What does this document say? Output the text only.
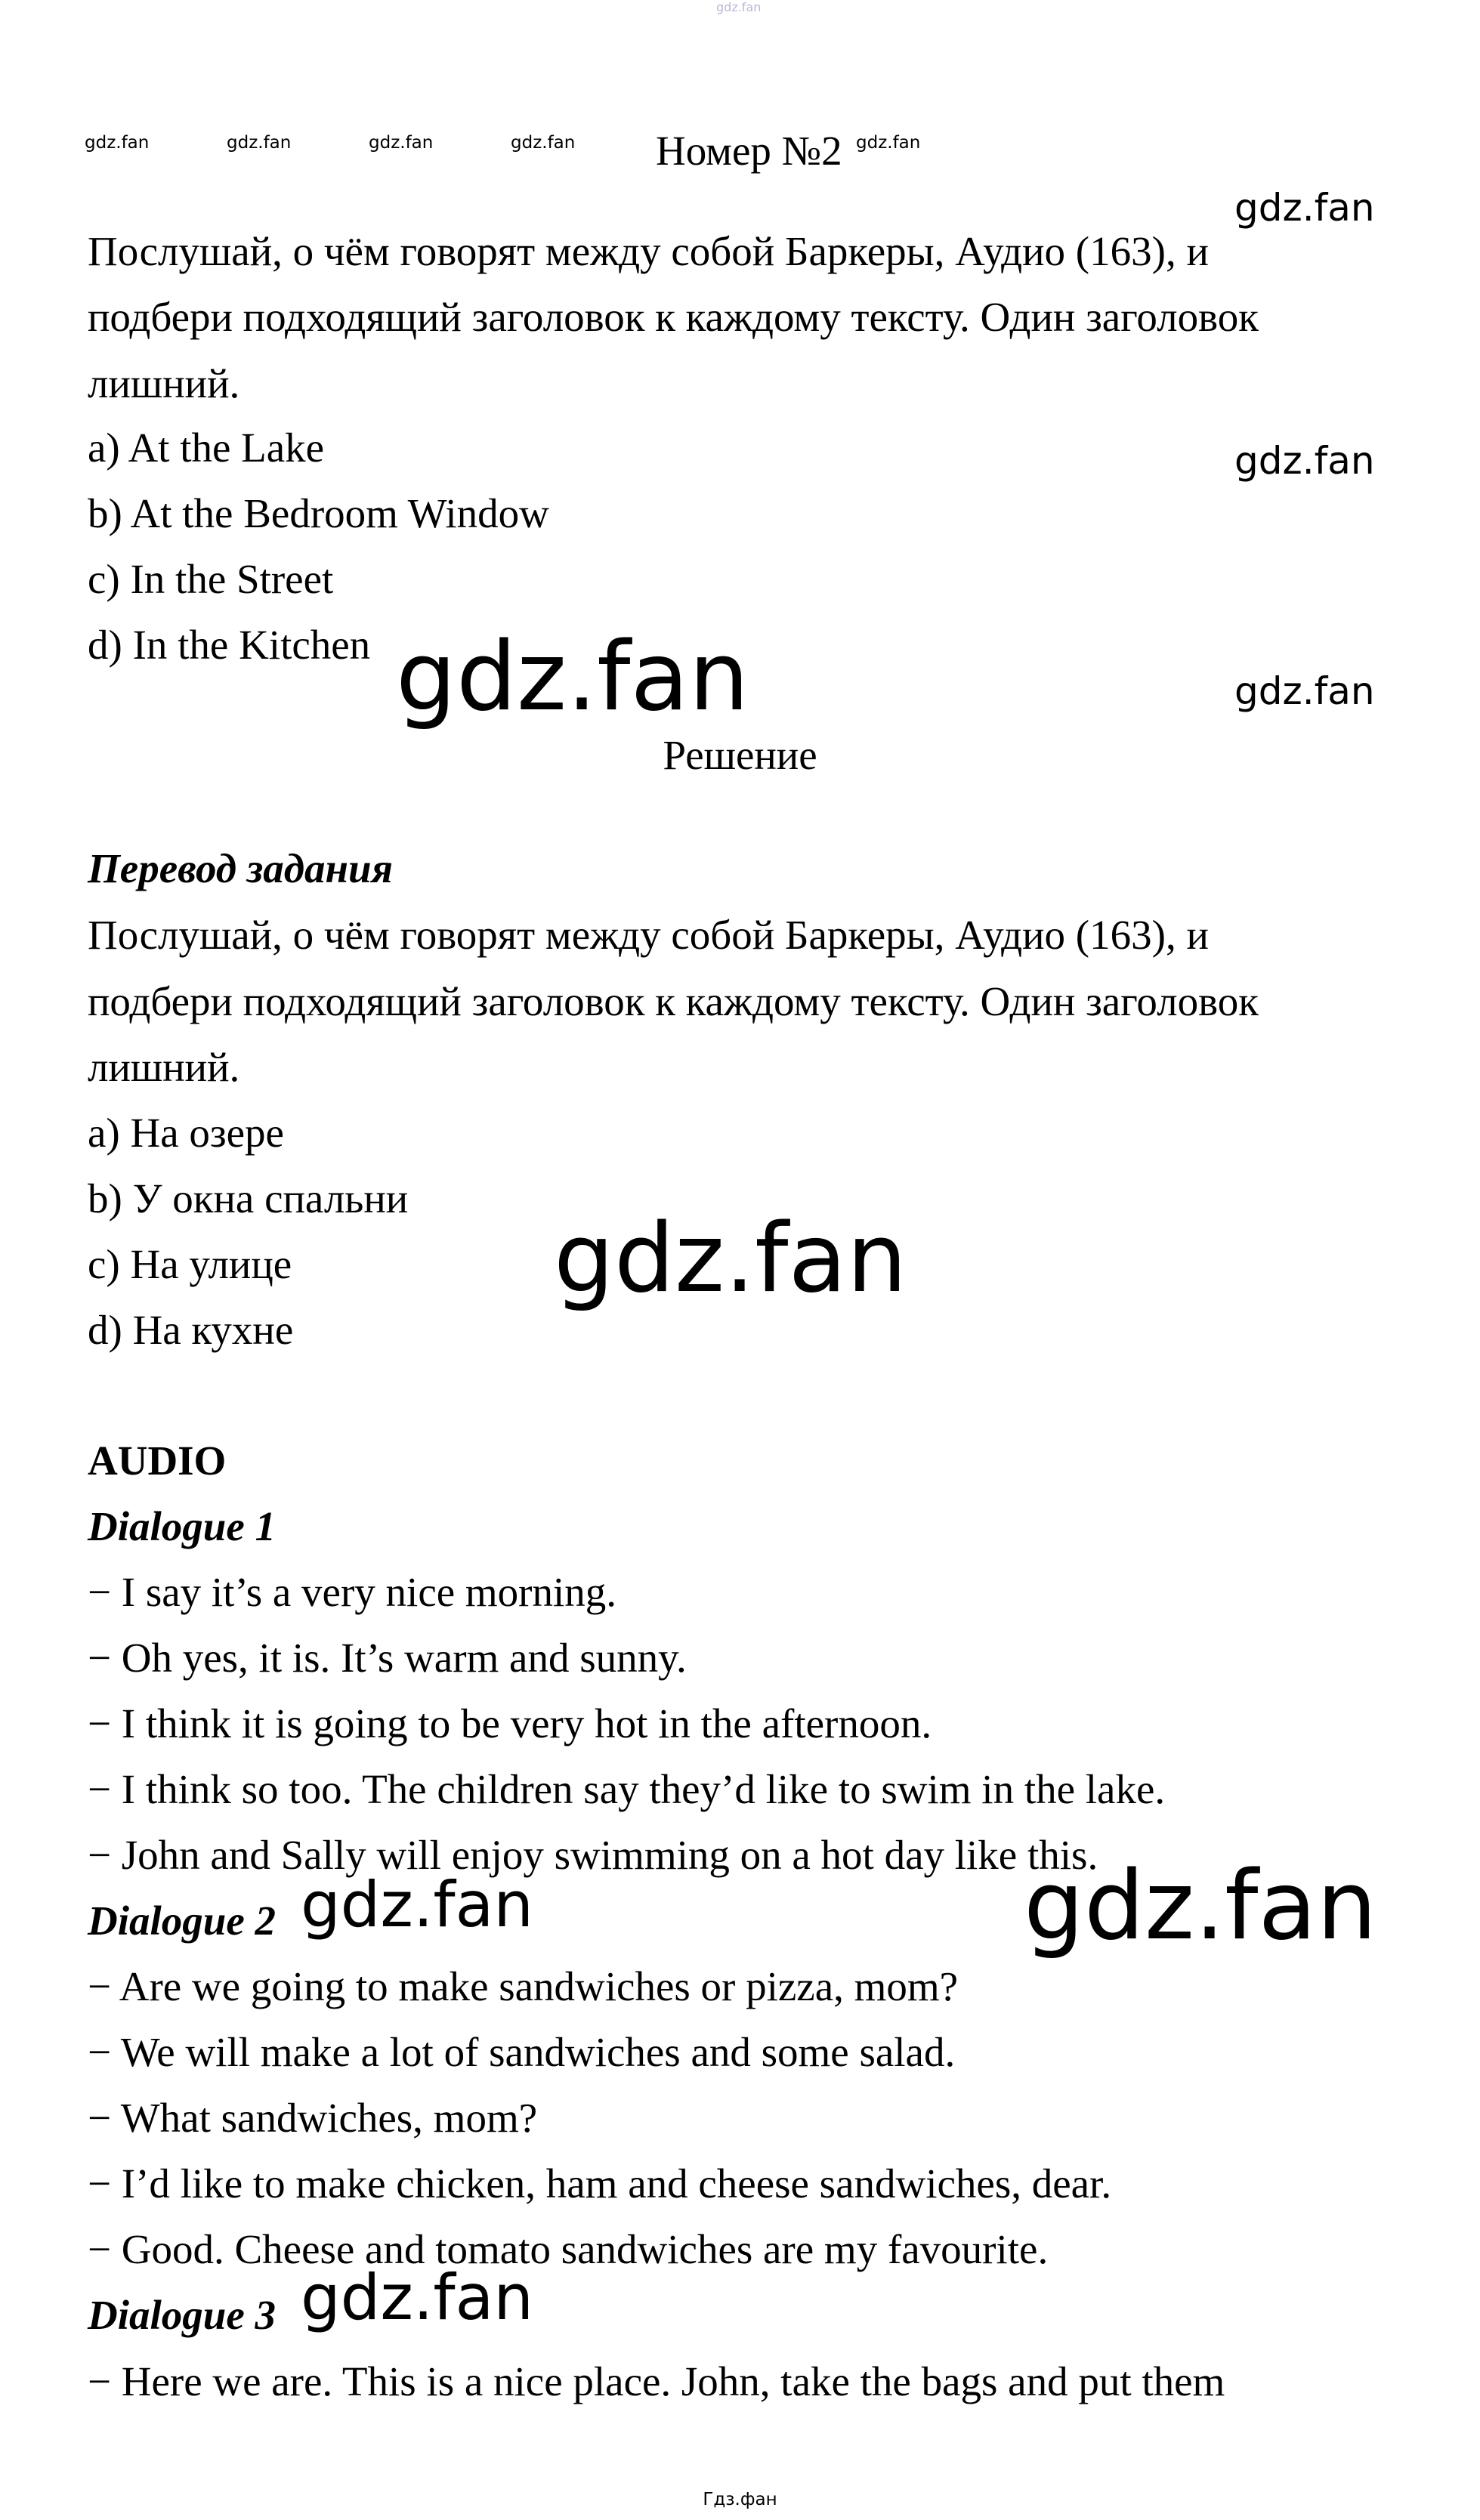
gdz.fan
gdz.fan	gdz.fan	gdz.fan	gdz.fan	gdz.fan
Номер №2
gdz.fan
gdz.fan
gdz.fan
Послушай, о чём говорят между собой Баркеры, Аудио (163), и
подбери подходящий заголовок к каждому тексту. Один заголовок
лишний.
a) At the Lake
b) At the Bedroom Window
c) In the Street
d) In the Kitchen gdz.fan
Решение
Перевод задания
Послушай, о чём говорят между собой Баркеры, Аудио (163), и
подбери подходящий заголовок к каждому тексту. Один заголовок
лишний.
а) На озере
b) У окна спальни
с) На улице
d) На кухне
gdz.fan
AUDIO
Dialogue 1
− I say it’s a very nice morning.
− Oh yes, it is. It’s warm and sunny.
− I think it is going to be very hot in the afternoon.
− I think so too. The children say they’d like to swim in the lake.
− John and Sally will enjoy swimming on a hot day like this.
Dialogue 2
− Are we going to make sandwiches or pizza, mom?
− We will make a lot of sandwiches and some salad.
− What sandwiches, mom?
− I’d like to make chicken, ham and cheese sandwiches, dear.
− Good. Cheese and tomato sandwiches are my favourite.
Dialogue 3
− Here we are. This is a nice place. John, take the bags and put them
gdz.fan	gdz.fan
gdz.fan
Гдз.фан
